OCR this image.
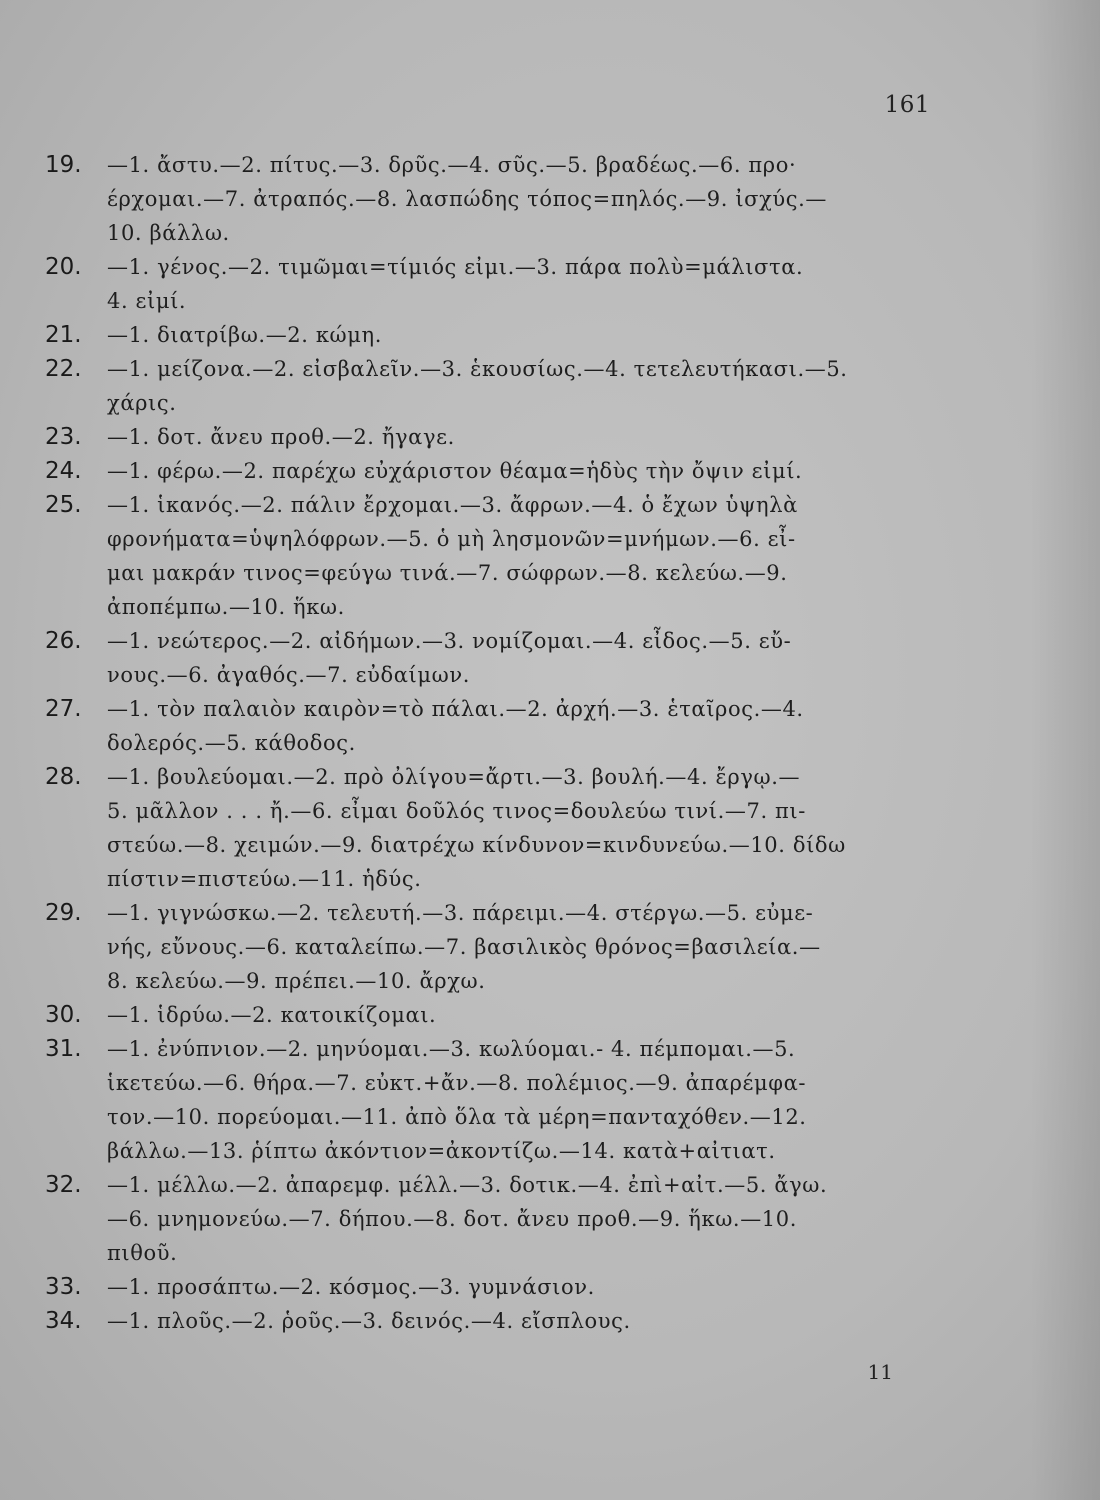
161
19.	—1. ἄστυ.—2. πίτυς.—3. δρῦς.—4. σῦς.—5. βραδέως.—6. προ·
έρχομαι.—7. ἀτραπός.—8. λασπώδης τόπος=πηλός.—9. ἰσχύς.—
10. βάλλω.
20.	—1. γένος.—2. τιμῶμαι=τίμιός εἰμι.—3. πάρα πολὺ=μάλιστα.
4. εἰμί.
21.	—1. διατρίβω.—2. κώμη.
22.	—1. μείζονα.—2. εἰσβαλεῖν.—3. ἑκουσίως.—4. τετελευτήκασι.—5.
χάρις.
23.	—1. δοτ. ἄνευ προθ.—2. ἤγαγε.
24.	—1. φέρω.—2. παρέχω εὐχάριστον θέαμα=ἡδὺς τὴν ὄψιν εἰμί.
25.	—1. ἱκανός.—2. πάλιν ἔρχομαι.—3. ἄφρων.—4. ὁ ἔχων ὑψηλὰ
φρονήματα=ὑψηλόφρων.—5. ὁ μὴ λησμονῶν=μνήμων.—6. εἶ-
μαι μακράν τινος=φεύγω τινά.—7. σώφρων.—8. κελεύω.—9.
ἀποπέμπω.—10. ἥκω.
26.	—1. νεώτερος.—2. αἰδήμων.—3. νομίζομαι.—4. εἶδος.—5. εὔ-
νους.—6. ἀγαθός.—7. εὐδαίμων.
27.	—1. τὸν παλαιὸν καιρὸν=τὸ πάλαι.—2. ἀρχή.—3. ἑταῖρος.—4.
δολερός.—5. κάθοδος.
28.	—1. βουλεύομαι.—2. πρὸ ὀλίγου=ἄρτι.—3. βουλή.—4. ἔργῳ.—
5. μᾶλλον . . . ἤ.—6. εἶμαι δοῦλός τινος=δουλεύω τινί.—7. πι-
στεύω.—8. χειμών.—9. διατρέχω κίνδυνον=κινδυνεύω.—10. δίδω
πίστιν=πιστεύω.—11. ἡδύς.
29.	—1. γιγνώσκω.—2. τελευτή.—3. πάρειμι.—4. στέργω.—5. εὐμε-
νής, εὔνους.—6. καταλείπω.—7. βασιλικὸς θρόνος=βασιλεία.—
8. κελεύω.—9. πρέπει.—10. ἄρχω.
30.	—1. ἱδρύω.—2. κατοικίζομαι.
31.	—1. ἐνύπνιον.—2. μηνύομαι.—3. κωλύομαι.- 4. πέμπομαι.—5.
ἱκετεύω.—6. θήρα.—7. εὐκτ.+ἄν.—8. πολέμιος.—9. ἀπαρέμφα-
τον.—10. πορεύομαι.—11. ἀπὸ ὅλα τὰ μέρη=πανταχόθεν.—12.
βάλλω.—13. ῥίπτω ἀκόντιον=ἀκοντίζω.—14. κατὰ+αἰτιατ.
32.	—1. μέλλω.—2. ἀπαρεμφ. μέλλ.—3. δοτικ.—4. ἐπὶ+αἰτ.—5. ἄγω.
—6. μνημονεύω.—7. δήπου.—8. δοτ. ἄνευ προθ.—9. ἥκω.—10.
πιθοῦ.
33.	—1. προσάπτω.—2. κόσμος.—3. γυμνάσιον.
34.	—1. πλοῦς.—2. ῥοῦς.—3. δεινός.—4. εἴσπλους.
11
